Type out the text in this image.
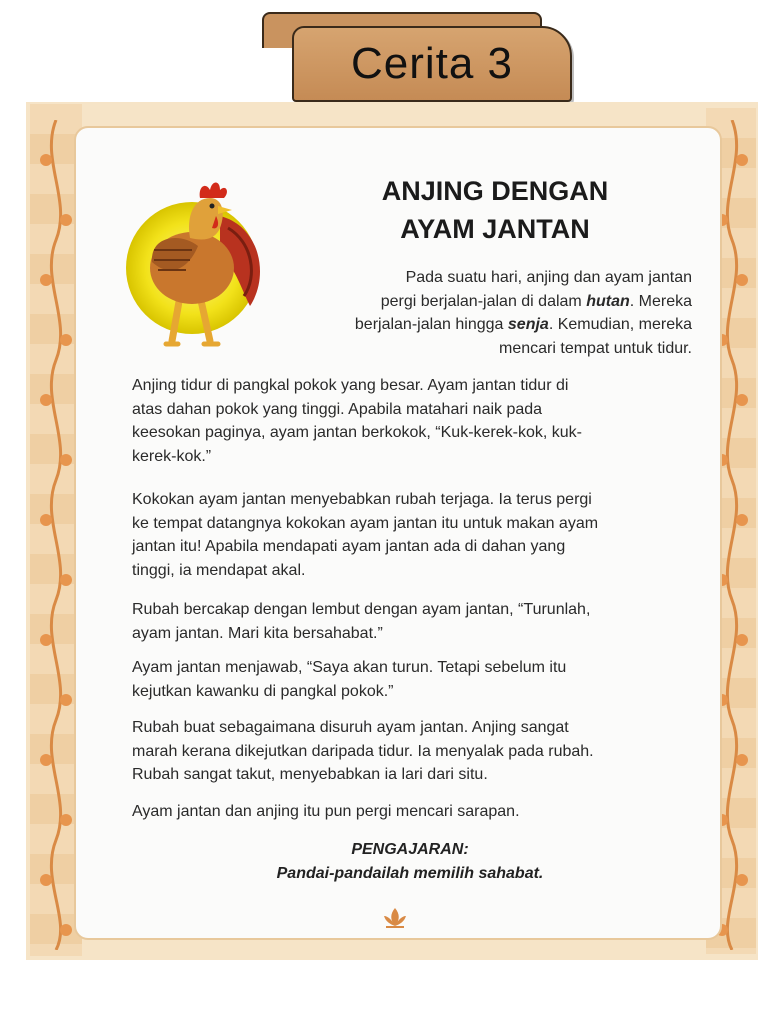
Cerita 3
ANJING DENGAN
AYAM JANTAN
Pada suatu hari, anjing dan ayam jantan
pergi berjalan-jalan di dalam hutan. Mereka
berjalan-jalan hingga senja. Kemudian, mereka
mencari tempat untuk tidur.
Anjing tidur di pangkal pokok yang besar. Ayam jantan tidur di
atas dahan pokok yang tinggi. Apabila matahari naik pada
keesokan paginya, ayam jantan berkokok, “Kuk-kerek-kok, kuk-
kerek-kok.”
Kokokan ayam jantan menyebabkan rubah terjaga. Ia terus pergi
ke tempat datangnya kokokan ayam jantan itu untuk makan ayam
jantan itu! Apabila mendapati ayam jantan ada di dahan yang
tinggi, ia mendapat akal.
Rubah bercakap dengan lembut dengan ayam jantan, “Turunlah,
ayam jantan. Mari kita bersahabat.”
Ayam jantan menjawab, “Saya akan turun. Tetapi sebelum itu
kejutkan kawanku di pangkal pokok.”
Rubah buat sebagaimana disuruh ayam jantan. Anjing sangat
marah kerana dikejutkan daripada tidur. Ia menyalak pada rubah.
Rubah sangat takut, menyebabkan ia lari dari situ.
Ayam jantan dan anjing itu pun pergi mencari sarapan.
PENGAJARAN:
Pandai-pandailah memilih sahabat.
